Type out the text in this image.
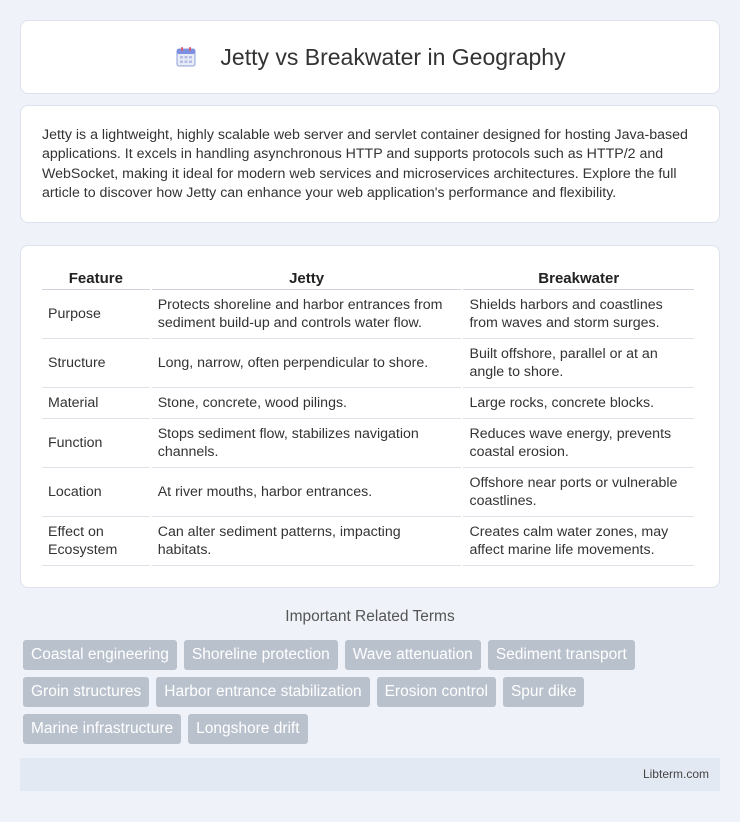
Jetty vs Breakwater in Geography

Jetty is a lightweight, highly scalable web server and servlet container designed for hosting Java-based applications. It excels in handling asynchronous HTTP and supports protocols such as HTTP/2 and WebSocket, making it ideal for modern web services and microservices architectures. Explore the full article to discover how Jetty can enhance your web application's performance and flexibility.

Feature	Jetty	Breakwater
Purpose	Protects shoreline and harbor entrances from sediment build-up and controls water flow.	Shields harbors and coastlines from waves and storm surges.
Structure	Long, narrow, often perpendicular to shore.	Built offshore, parallel or at an angle to shore.
Material	Stone, concrete, wood pilings.	Large rocks, concrete blocks.
Function	Stops sediment flow, stabilizes navigation channels.	Reduces wave energy, prevents coastal erosion.
Location	At river mouths, harbor entrances.	Offshore near ports or vulnerable coastlines.
Effect on Ecosystem	Can alter sediment patterns, impacting habitats.	Creates calm water zones, may affect marine life movements.
Important Related Terms
Coastal engineering	Shoreline protection	Wave attenuation	Sediment transport
Groin structures	Harbor entrance stabilization	Erosion control	Spur dike
Marine infrastructure	Longshore drift
Libterm.com
